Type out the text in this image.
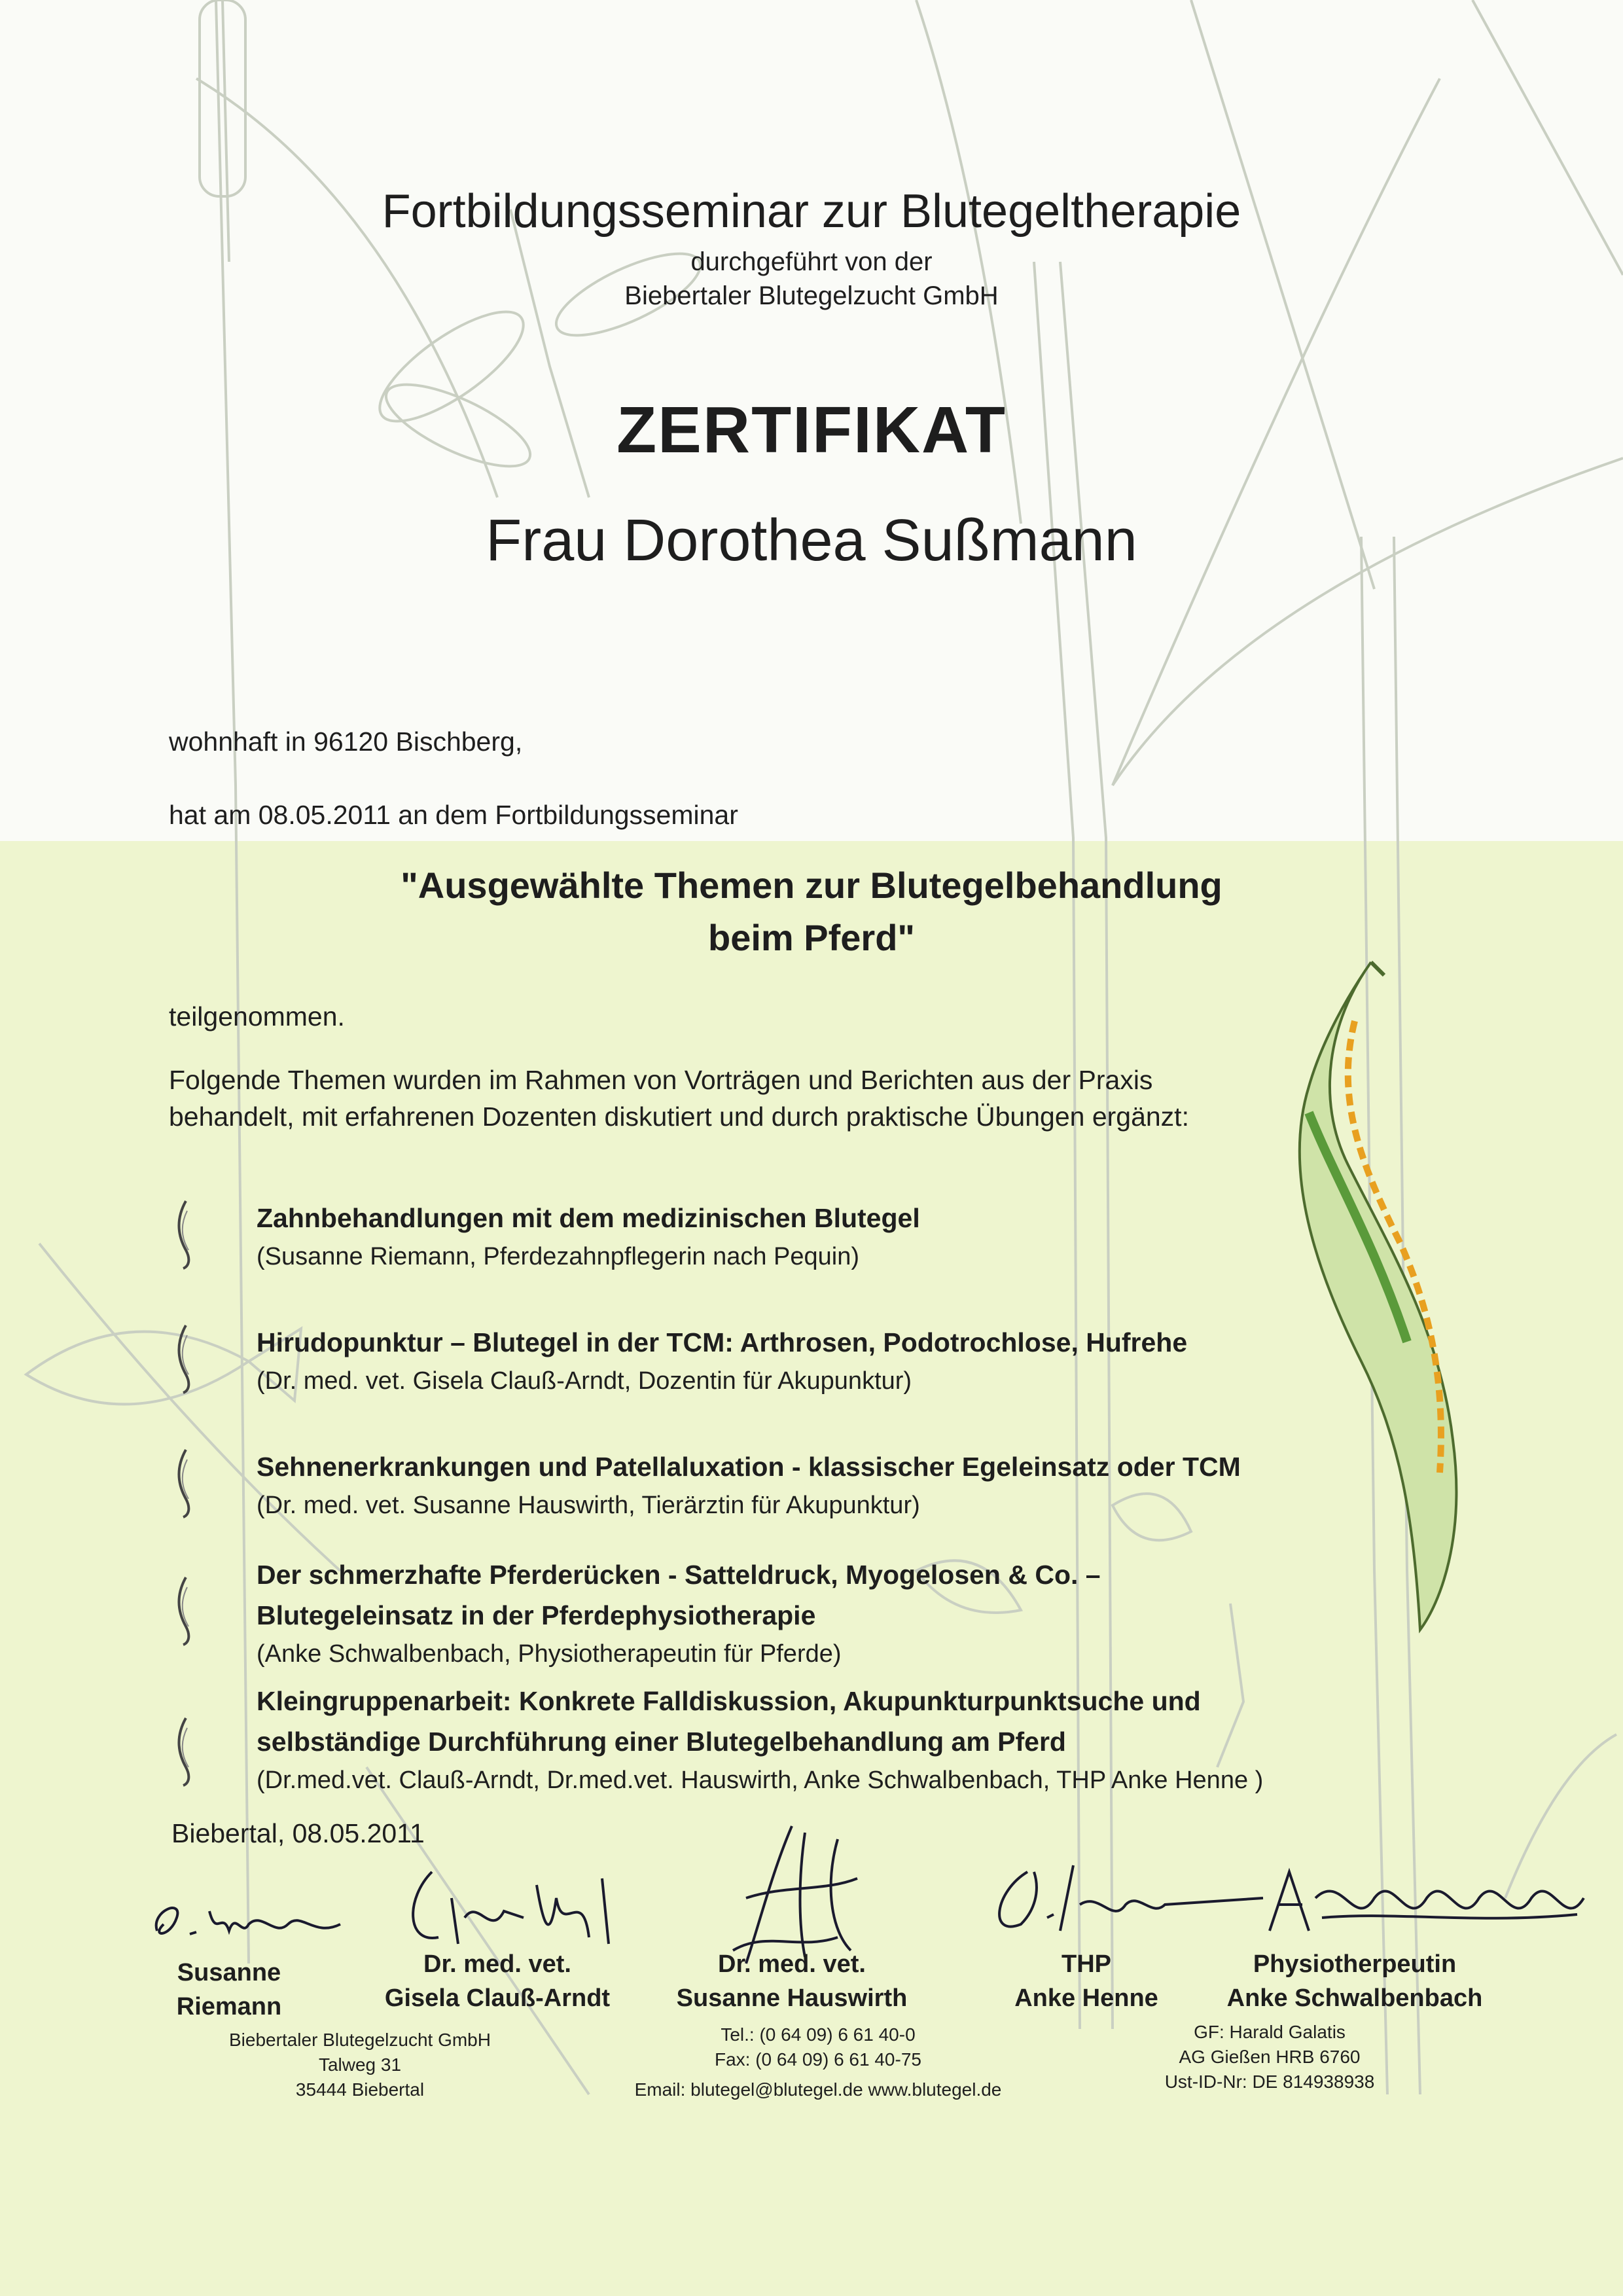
Fortbildungsseminar zur Blutegeltherapie
durchgeführt von der
Biebertaler Blutegelzucht GmbH
ZERTIFIKAT
Frau Dorothea Sußmann
wohnhaft in 96120 Bischberg,
hat am 08.05.2011 an dem Fortbildungsseminar
"Ausgewählte Themen zur Blutegelbehandlung
beim Pferd"
teilgenommen.
Folgende Themen wurden im Rahmen von Vorträgen und Berichten aus der Praxis
behandelt, mit erfahrenen Dozenten diskutiert und durch praktische Übungen ergänzt:
Zahnbehandlungen mit dem medizinischen Blutegel
(Susanne Riemann, Pferdezahnpflegerin nach Pequin)
Hirudopunktur – Blutegel in der TCM: Arthrosen, Podotrochlose, Hufrehe
(Dr. med. vet. Gisela Clauß-Arndt, Dozentin für Akupunktur)
Sehnenerkrankungen und Patellaluxation - klassischer Egeleinsatz oder TCM
(Dr. med. vet. Susanne Hauswirth, Tierärztin für Akupunktur)
Der schmerzhafte Pferderücken - Satteldruck, Myogelosen & Co. –
Blutegeleinsatz in der Pferdephysiotherapie
(Anke Schwalbenbach, Physiotherapeutin für Pferde)
Kleingruppenarbeit: Konkrete Falldiskussion, Akupunkturpunktsuche und
selbständige Durchführung einer Blutegelbehandlung am Pferd
(Dr.med.vet. Clauß-Arndt, Dr.med.vet. Hauswirth, Anke Schwalbenbach, THP Anke Henne )
Biebertal, 08.05.2011
Susanne
Riemann
Dr. med. vet.
Gisela Clauß-Arndt
Dr. med. vet.
Susanne Hauswirth
THP
Anke Henne
Physiotherpeutin
Anke Schwalbenbach
Biebertaler Blutegelzucht GmbH
Talweg 31
35444 Biebertal
Tel.: (0 64 09) 6 61 40-0
Fax: (0 64 09) 6 61 40-75
Email: blutegel@blutegel.de www.blutegel.de
GF: Harald Galatis
AG Gießen HRB 6760
Ust-ID-Nr: DE 814938938
